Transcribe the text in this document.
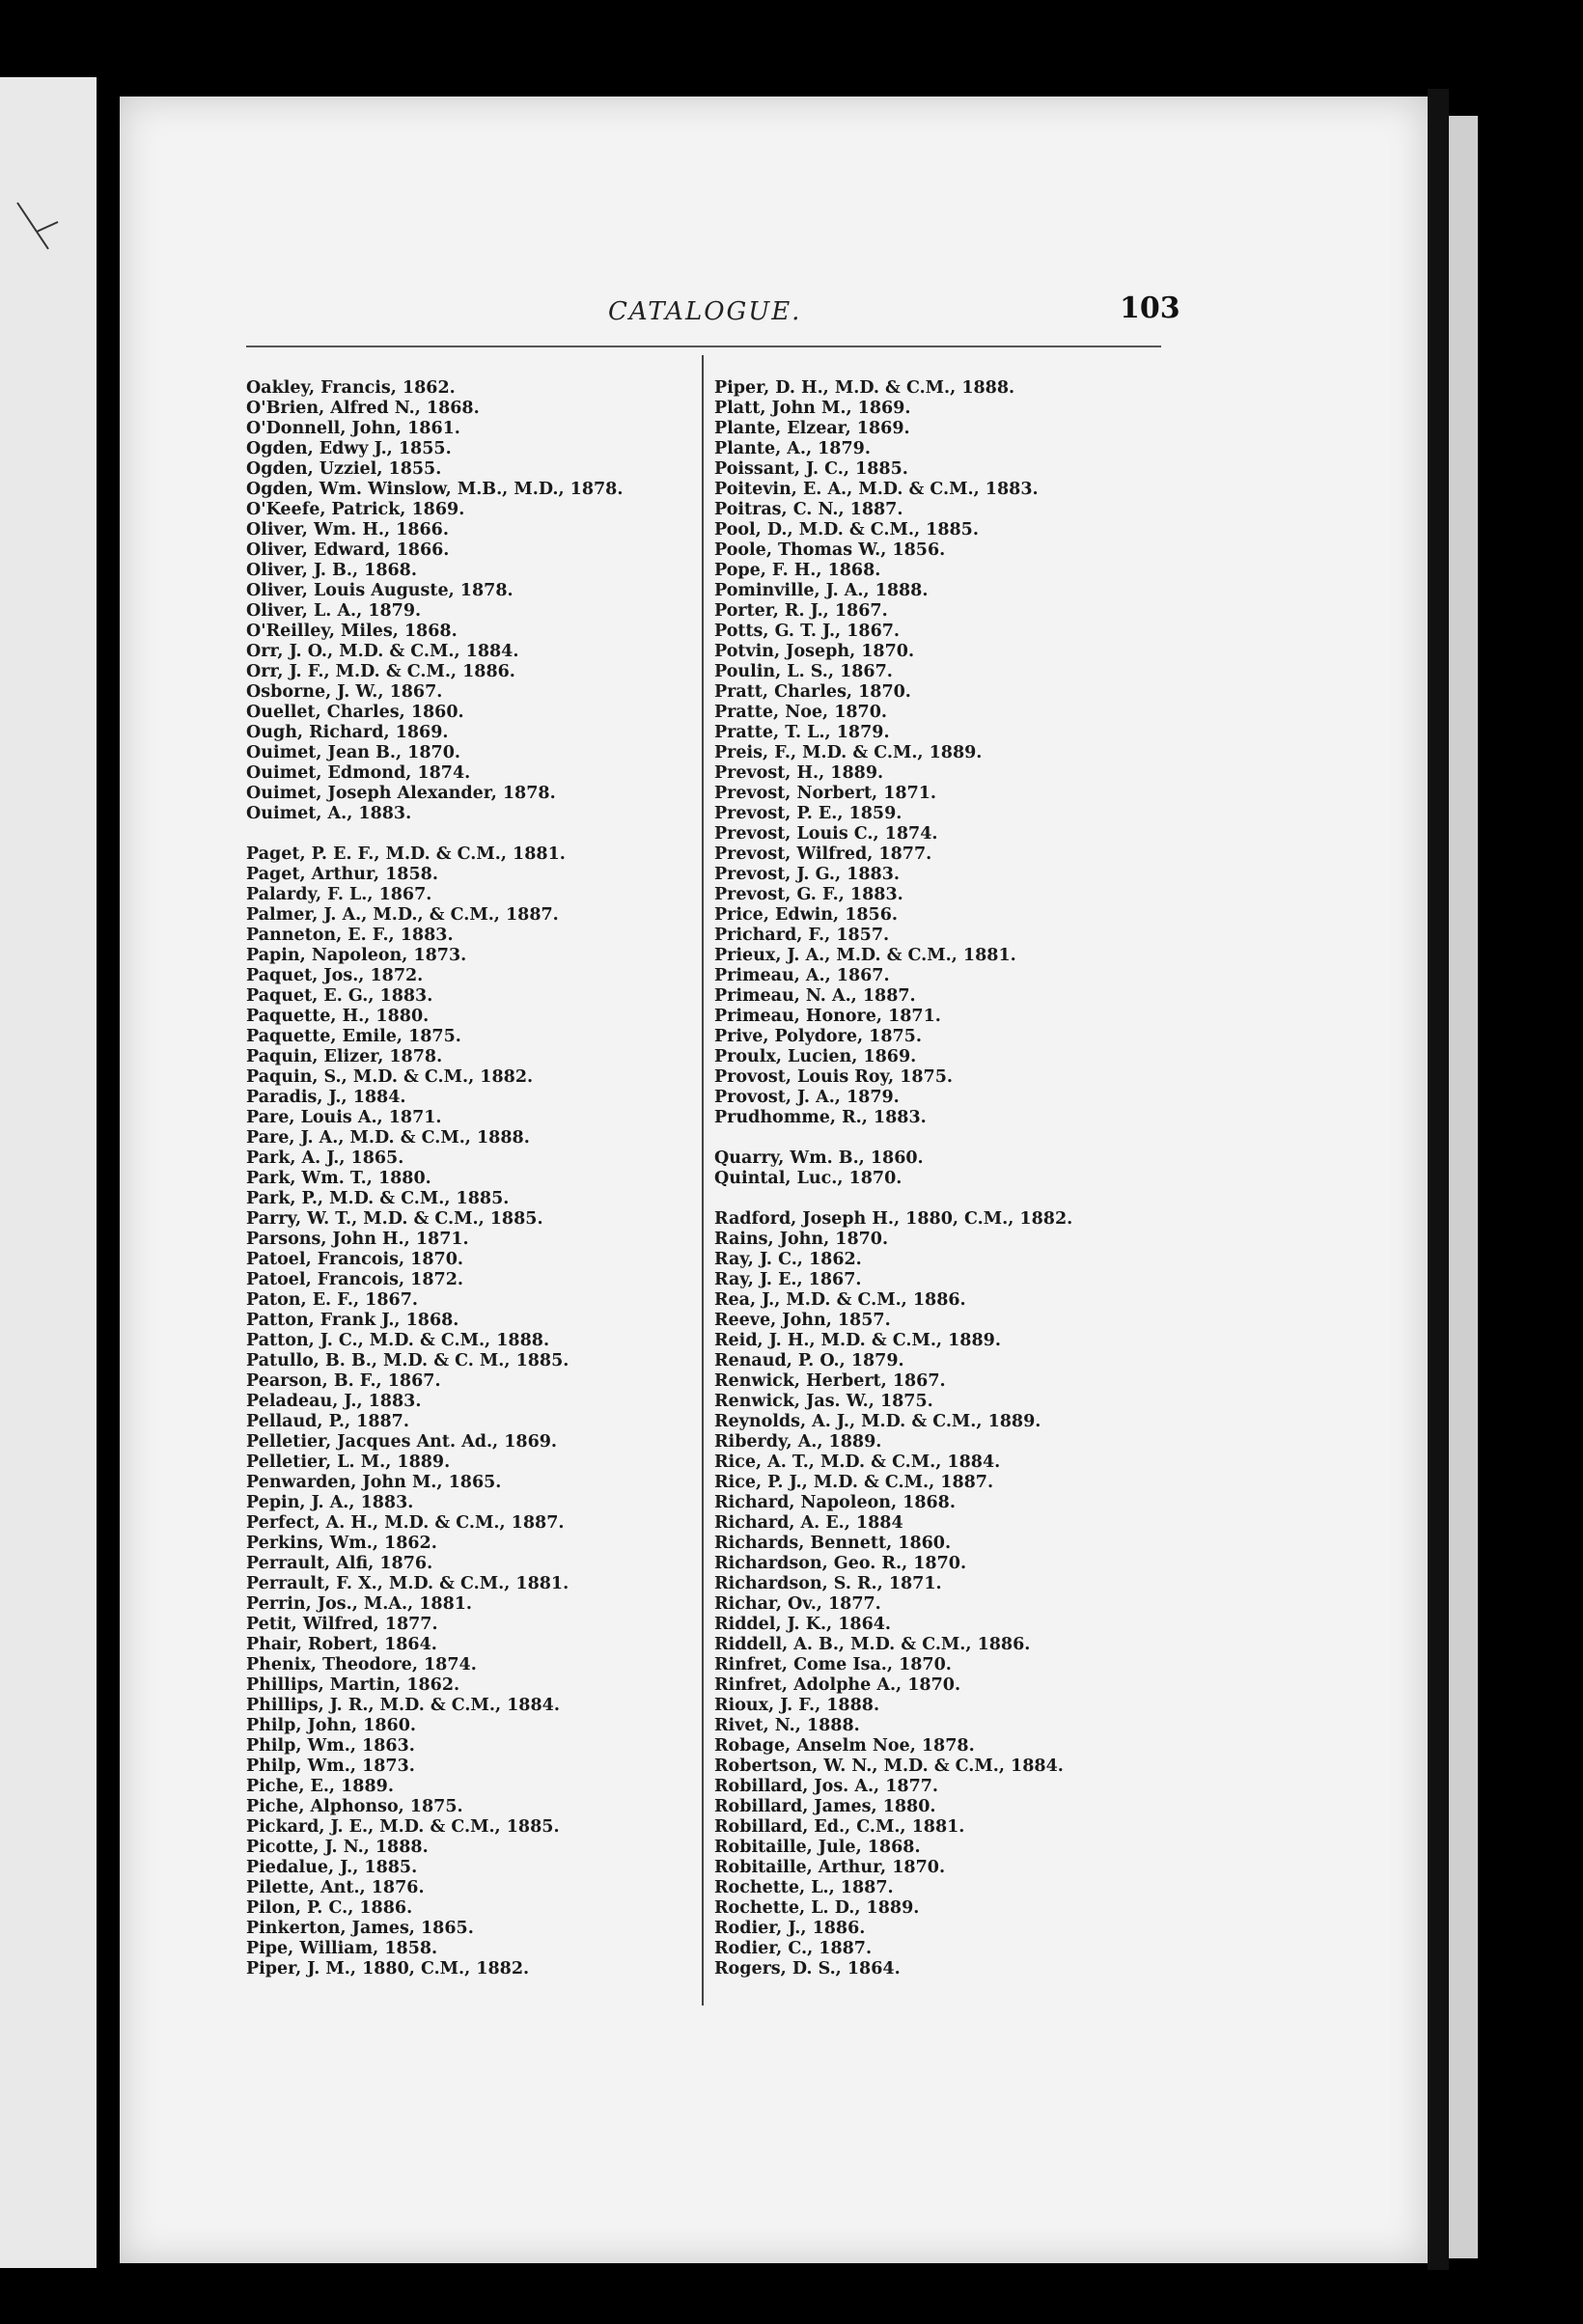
CATALOGUE.	103
Oakley, Francis, 1862.
O'Brien, Alfred N., 1868.
O'Donnell, John, 1861.
Ogden, Edwy J., 1855.
Ogden, Uzziel, 1855.
Ogden, Wm. Winslow, M.B., M.D., 1878.
O'Keefe, Patrick, 1869.
Oliver, Wm. H., 1866.
Oliver, Edward, 1866.
Oliver, J. B., 1868.
Oliver, Louis Auguste, 1878.
Oliver, L. A., 1879.
O'Reilley, Miles, 1868.
Orr, J. O., M.D. & C.M., 1884.
Orr, J. F., M.D. & C.M., 1886.
Osborne, J. W., 1867.
Ouellet, Charles, 1860.
Ough, Richard, 1869.
Ouimet, Jean B., 1870.
Ouimet, Edmond, 1874.
Ouimet, Joseph Alexander, 1878.
Ouimet, A., 1883.
Paget, P. E. F., M.D. & C.M., 1881.
Paget, Arthur, 1858.
Palardy, F. L., 1867.
Palmer, J. A., M.D., & C.M., 1887.
Panneton, E. F., 1883.
Papin, Napoleon, 1873.
Paquet, Jos., 1872.
Paquet, E. G., 1883.
Paquette, H., 1880.
Paquette, Emile, 1875.
Paquin, Elizer, 1878.
Paquin, S., M.D. & C.M., 1882.
Paradis, J., 1884.
Pare, Louis A., 1871.
Pare, J. A., M.D. & C.M., 1888.
Park, A. J., 1865.
Park, Wm. T., 1880.
Park, P., M.D. & C.M., 1885.
Parry, W. T., M.D. & C.M., 1885.
Parsons, John H., 1871.
Patoel, Francois, 1870.
Patoel, Francois, 1872.
Paton, E. F., 1867.
Patton, Frank J., 1868.
Patton, J. C., M.D. & C.M., 1888.
Patullo, B. B., M.D. & C. M., 1885.
Pearson, B. F., 1867.
Peladeau, J., 1883.
Pellaud, P., 1887.
Pelletier, Jacques Ant. Ad., 1869.
Pelletier, L. M., 1889.
Penwarden, John M., 1865.
Pepin, J. A., 1883.
Perfect, A. H., M.D. & C.M., 1887.
Perkins, Wm., 1862.
Perrault, Alfi, 1876.
Perrault, F. X., M.D. & C.M., 1881.
Perrin, Jos., M.A., 1881.
Petit, Wilfred, 1877.
Phair, Robert, 1864.
Phenix, Theodore, 1874.
Phillips, Martin, 1862.
Phillips, J. R., M.D. & C.M., 1884.
Philp, John, 1860.
Philp, Wm., 1863.
Philp, Wm., 1873.
Piche, E., 1889.
Piche, Alphonso, 1875.
Pickard, J. E., M.D. & C.M., 1885.
Picotte, J. N., 1888.
Piedalue, J., 1885.
Pilette, Ant., 1876.
Pilon, P. C., 1886.
Pinkerton, James, 1865.
Pipe, William, 1858.
Piper, J. M., 1880, C.M., 1882.
Piper, D. H., M.D. & C.M., 1888.
Platt, John M., 1869.
Plante, Elzear, 1869.
Plante, A., 1879.
Poissant, J. C., 1885.
Poitevin, E. A., M.D. & C.M., 1883.
Poitras, C. N., 1887.
Pool, D., M.D. & C.M., 1885.
Poole, Thomas W., 1856.
Pope, F. H., 1868.
Pominville, J. A., 1888.
Porter, R. J., 1867.
Potts, G. T. J., 1867.
Potvin, Joseph, 1870.
Poulin, L. S., 1867.
Pratt, Charles, 1870.
Pratte, Noe, 1870.
Pratte, T. L., 1879.
Preis, F., M.D. & C.M., 1889.
Prevost, H., 1889.
Prevost, Norbert, 1871.
Prevost, P. E., 1859.
Prevost, Louis C., 1874.
Prevost, Wilfred, 1877.
Prevost, J. G., 1883.
Prevost, G. F., 1883.
Price, Edwin, 1856.
Prichard, F., 1857.
Prieux, J. A., M.D. & C.M., 1881.
Primeau, A., 1867.
Primeau, N. A., 1887.
Primeau, Honore, 1871.
Prive, Polydore, 1875.
Proulx, Lucien, 1869.
Provost, Louis Roy, 1875.
Provost, J. A., 1879.
Prudhomme, R., 1883.
Quarry, Wm. B., 1860.
Quintal, Luc., 1870.
Radford, Joseph H., 1880, C.M., 1882.
Rains, John, 1870.
Ray, J. C., 1862.
Ray, J. E., 1867.
Rea, J., M.D. & C.M., 1886.
Reeve, John, 1857.
Reid, J. H., M.D. & C.M., 1889.
Renaud, P. O., 1879.
Renwick, Herbert, 1867.
Renwick, Jas. W., 1875.
Reynolds, A. J., M.D. & C.M., 1889.
Riberdy, A., 1889.
Rice, A. T., M.D. & C.M., 1884.
Rice, P. J., M.D. & C.M., 1887.
Richard, Napoleon, 1868.
Richard, A. E., 1884
Richards, Bennett, 1860.
Richardson, Geo. R., 1870.
Richardson, S. R., 1871.
Richar, Ov., 1877.
Riddel, J. K., 1864.
Riddell, A. B., M.D. & C.M., 1886.
Rinfret, Come Isa., 1870.
Rinfret, Adolphe A., 1870.
Rioux, J. F., 1888.
Rivet, N., 1888.
Robage, Anselm Noe, 1878.
Robertson, W. N., M.D. & C.M., 1884.
Robillard, Jos. A., 1877.
Robillard, James, 1880.
Robillard, Ed., C.M., 1881.
Robitaille, Jule, 1868.
Robitaille, Arthur, 1870.
Rochette, L., 1887.
Rochette, L. D., 1889.
Rodier, J., 1886.
Rodier, C., 1887.
Rogers, D. S., 1864.
